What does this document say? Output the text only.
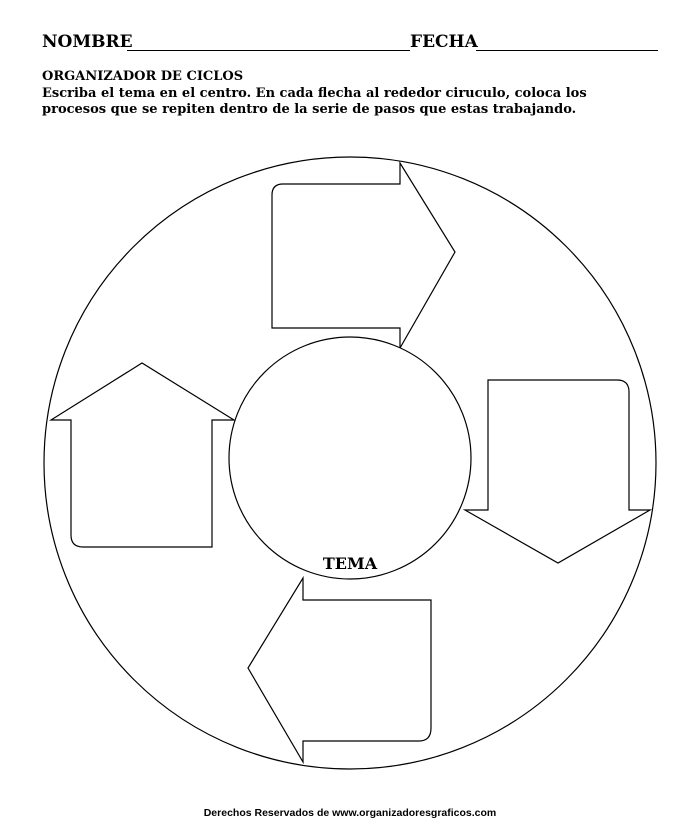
NOMBRE	FECHA
ORGANIZADOR DE CICLOS

Escriba el tema en el centro. En cada flecha al rededor ciruculo, coloca los procesos que se repiten dentro de la serie de pasos que estas trabajando.

TEMA
Derechos Reservados de www.organizadoresgraficos.com
